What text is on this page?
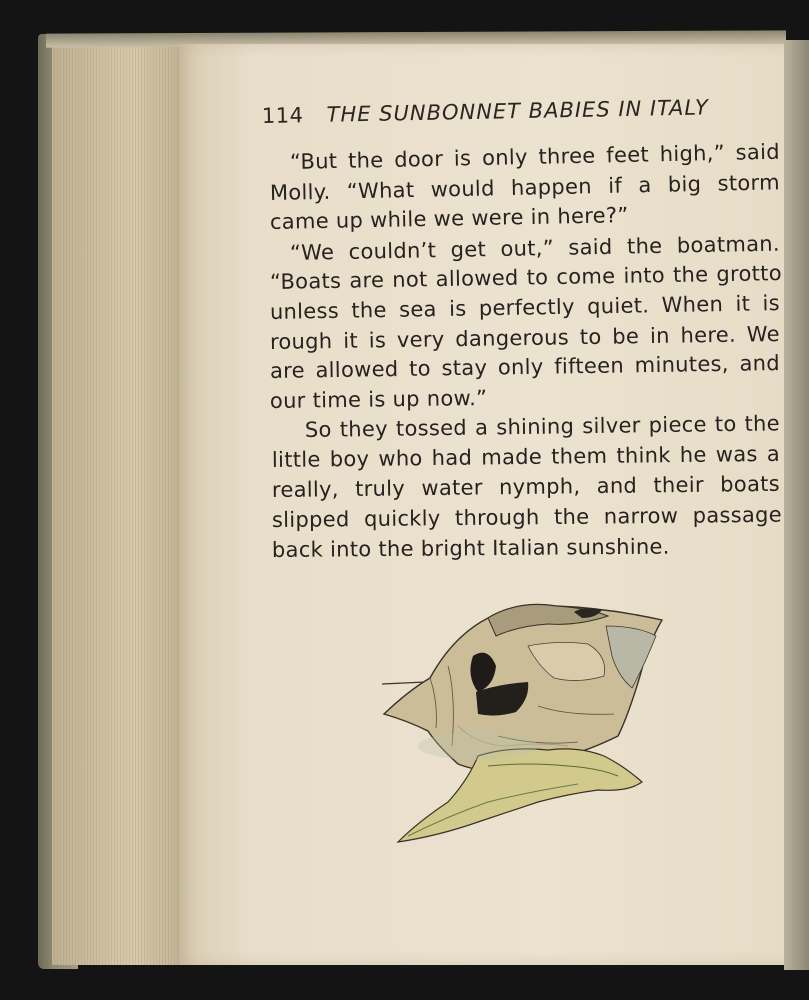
114 THE SUNBONNET BABIES IN ITALY
“But the door is only three feet high,” said
Molly. “What would happen if a big storm
came up while we were in here?”
“We couldn’t get out,” said the boatman.
“Boats are not allowed to come into the grotto
unless the sea is perfectly quiet. When it is
rough it is very dangerous to be in here. We
are allowed to stay only fifteen minutes, and
our time is up now.”
So they tossed a shining silver piece to the
little boy who had made them think he was a
really, truly water nymph, and their boats
slipped quickly through the narrow passage
back into the bright Italian sunshine.
